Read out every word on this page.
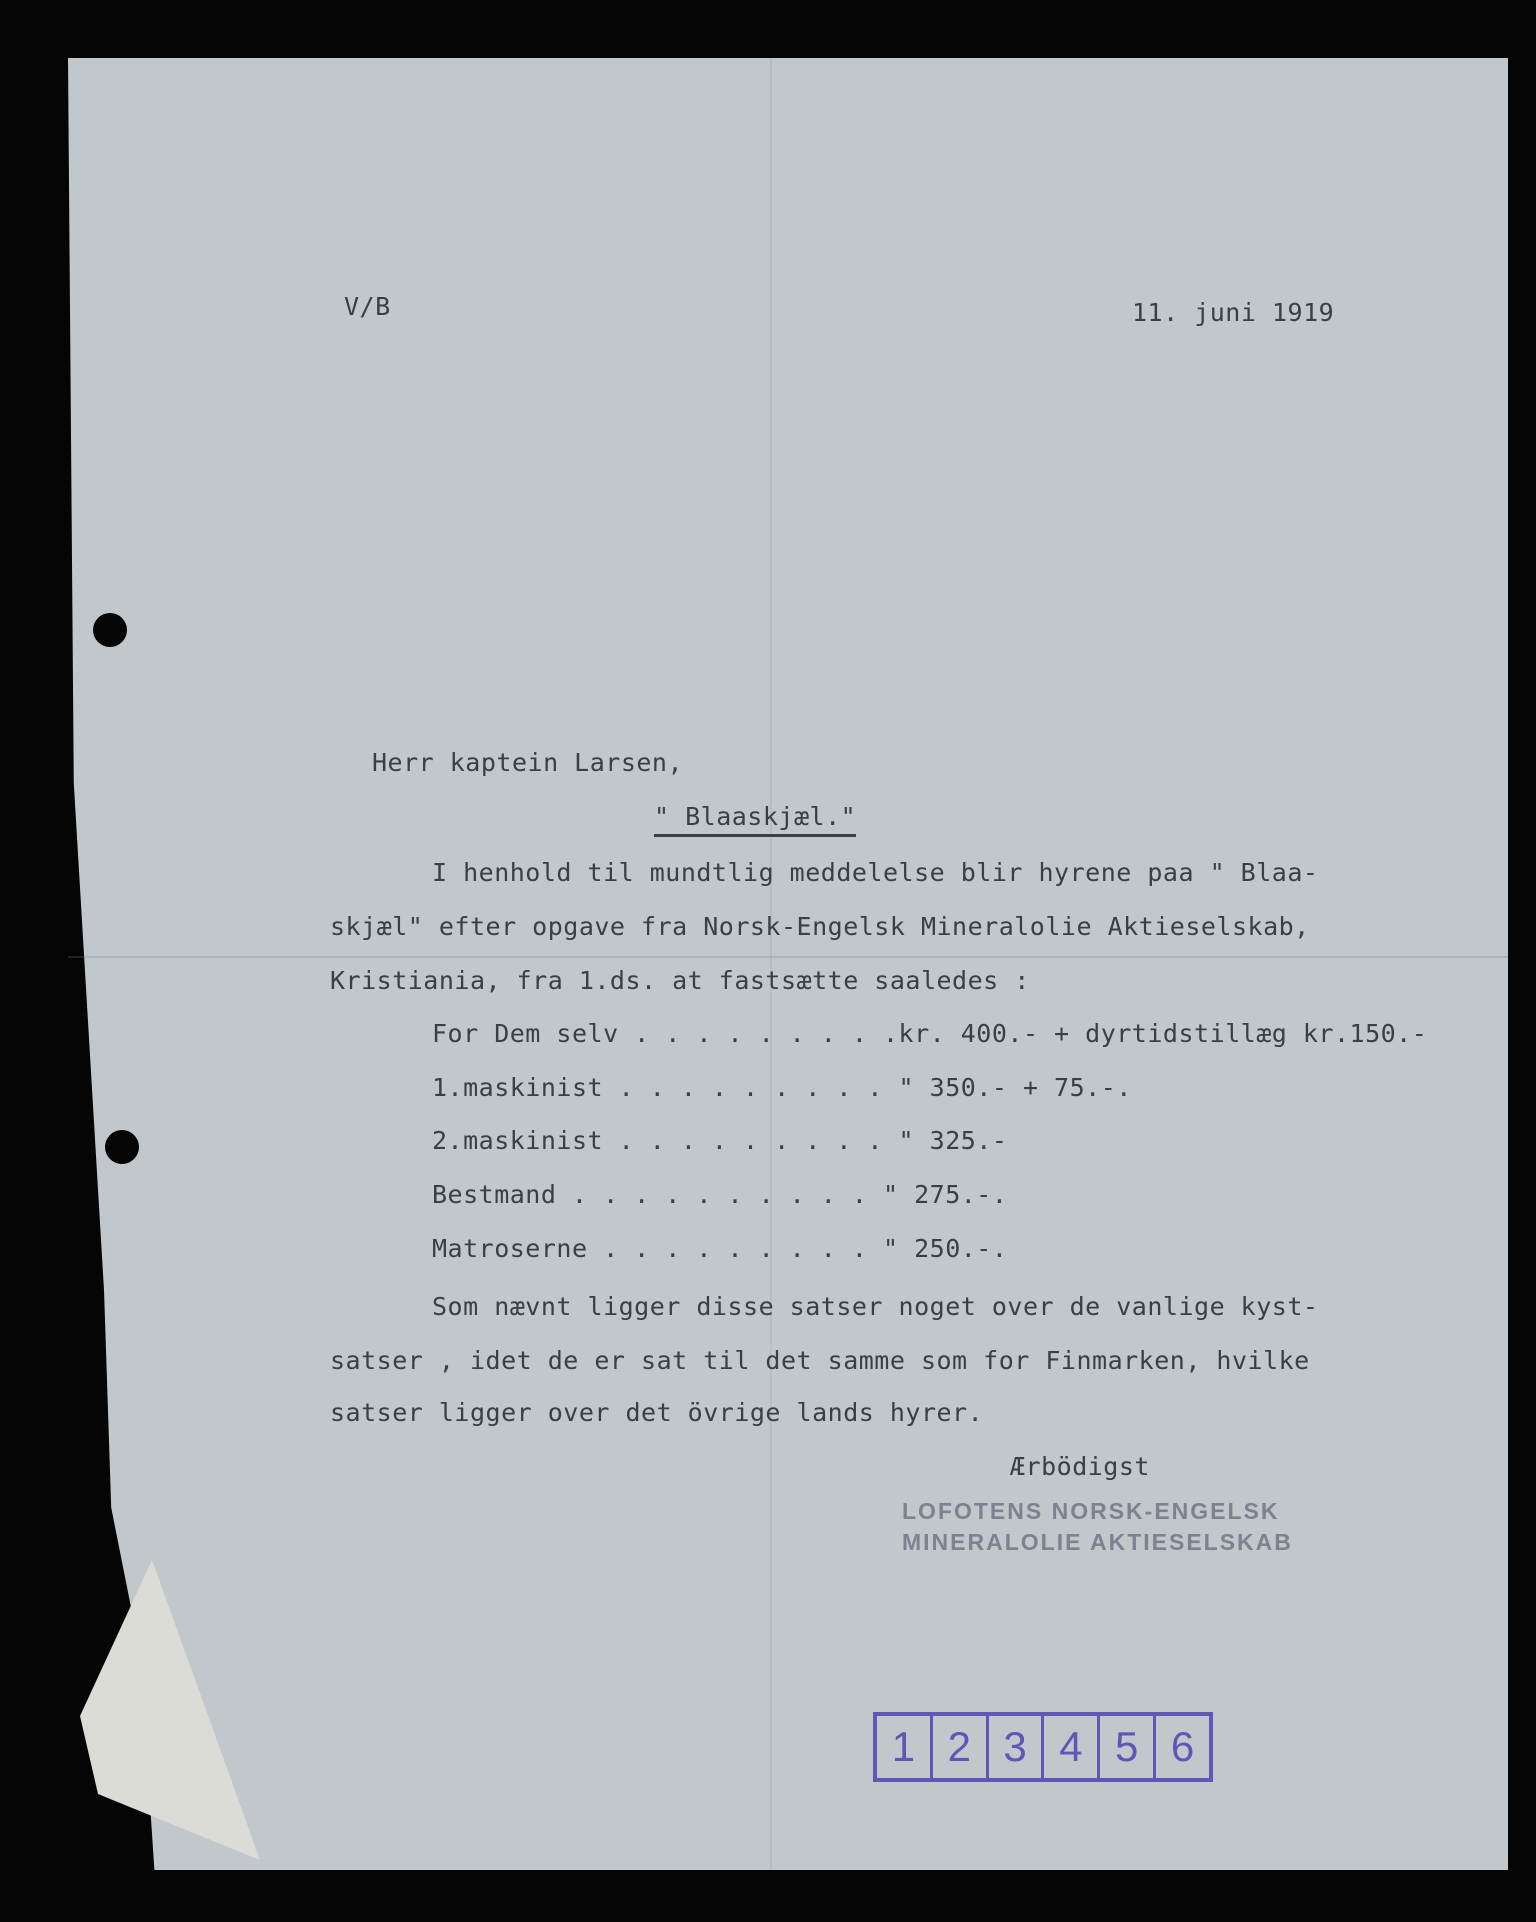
V/B	11. juni 1919
Herr kaptein Larsen,
" Blaaskjæl."
I henhold til mundtlig meddelelse blir hyrene paa " Blaa-
skjæl" efter opgave fra Norsk-Engelsk Mineralolie Aktieselskab,
Kristiania, fra 1.ds. at fastsætte saaledes :
For Dem selv . . . . . . . . .kr. 400.- + dyrtidstillæg kr.150.-
1.maskinist . . . . . . . . . " 350.- + 75.-.
2.maskinist . . . . . . . . . " 325.-
Bestmand . . . . . . . . . . " 275.-.
Matroserne . . . . . . . . . " 250.-.
Som nævnt ligger disse satser noget over de vanlige kyst-
satser , idet de er sat til det samme som for Finmarken, hvilke
satser ligger over det övrige lands hyrer.
Ærbödigst
LOFOTENS NORSK-ENGELSK
MINERALOLIE AKTIESELSKAB
1 2 3 4 5 6
